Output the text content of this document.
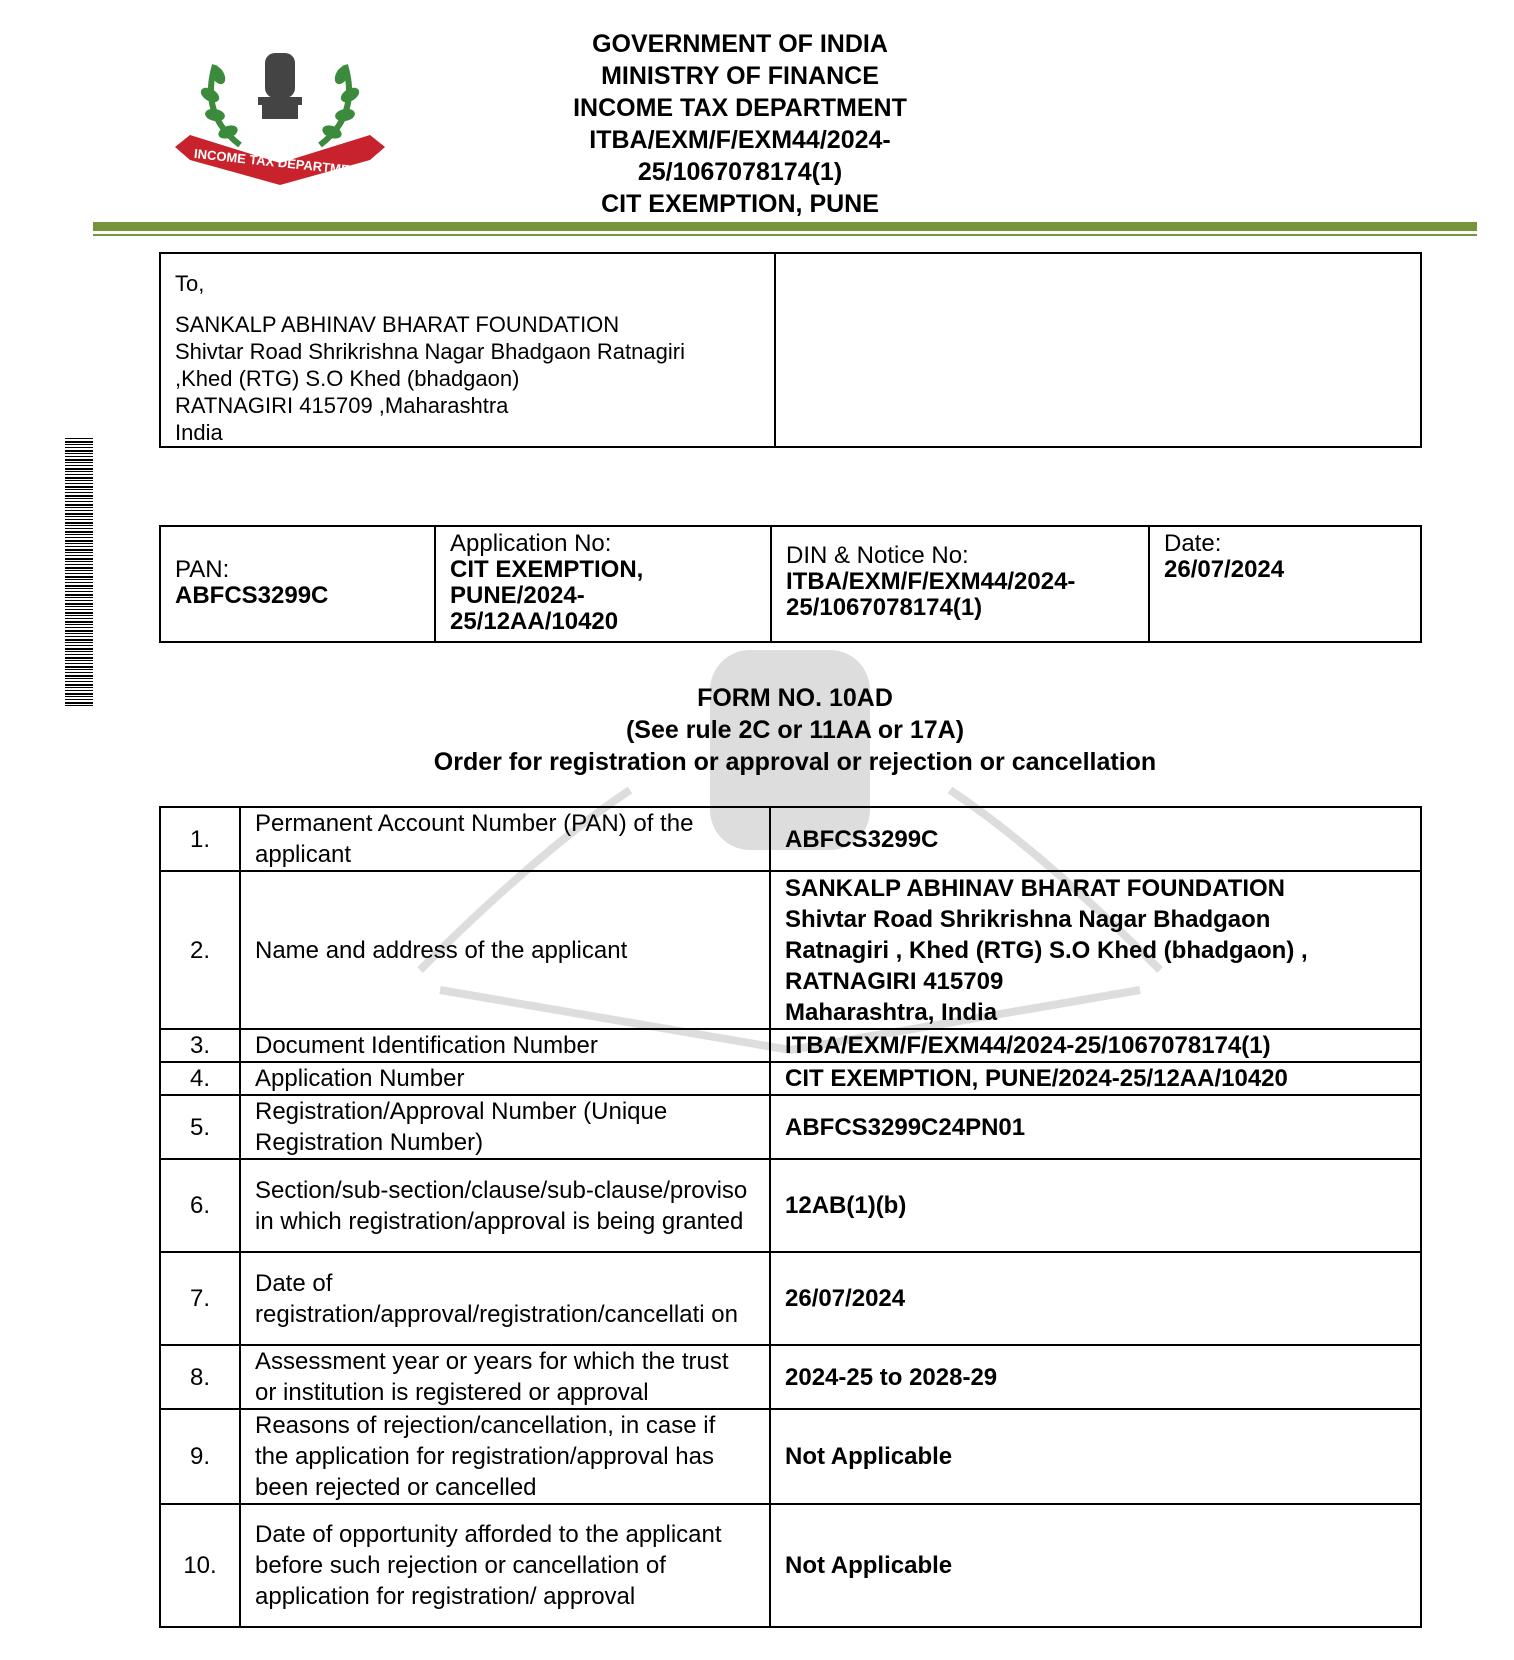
INCOME TAX DEPARTMENT
GOVERNMENT OF INDIA
MINISTRY OF FINANCE
INCOME TAX DEPARTMENT
ITBA/EXM/F/EXM44/2024-
25/1067078174(1)
CIT EXEMPTION, PUNE
To,
SANKALP ABHINAV BHARAT FOUNDATION
Shivtar Road Shrikrishna Nagar Bhadgaon Ratnagiri
,Khed (RTG) S.O Khed (bhadgaon)
RATNAGIRI 415709 ,Maharashtra
India
PAN:
ABFCS3299C
Application No:
CIT EXEMPTION,
PUNE/2024-
25/12AA/10420
DIN & Notice No:
ITBA/EXM/F/EXM44/2024-
25/1067078174(1)
Date:
26/07/2024
FORM NO. 10AD
(See rule 2C or 11AA or 17A)
Order for registration or approval or rejection or cancellation
1.	Permanent Account Number (PAN) of the applicant	ABFCS3299C

2.	Name and address of the applicant	SANKALP ABHINAV BHARAT FOUNDATION
Shivtar Road Shrikrishna Nagar Bhadgaon
Ratnagiri , Khed (RTG) S.O Khed (bhadgaon) ,
RATNAGIRI 415709
Maharashtra, India

3.	Document Identification Number	ITBA/EXM/F/EXM44/2024-25/1067078174(1)

4.	Application Number	CIT EXEMPTION, PUNE/2024-25/12AA/10420

5.	Registration/Approval Number (Unique Registration Number)	ABFCS3299C24PN01

6.	Section/sub-section/clause/sub-clause/proviso in which registration/approval is being granted	12AB(1)(b)

7.	Date of registration/approval/registration/cancellati on	26/07/2024

8.	Assessment year or years for which the trust or institution is registered or approval	2024-25 to 2028-29

9.	Reasons of rejection/cancellation, in case if the application for registration/approval has been rejected or cancelled	Not Applicable

10.	Date of opportunity afforded to the applicant before such rejection or cancellation of application for registration/ approval	Not Applicable
